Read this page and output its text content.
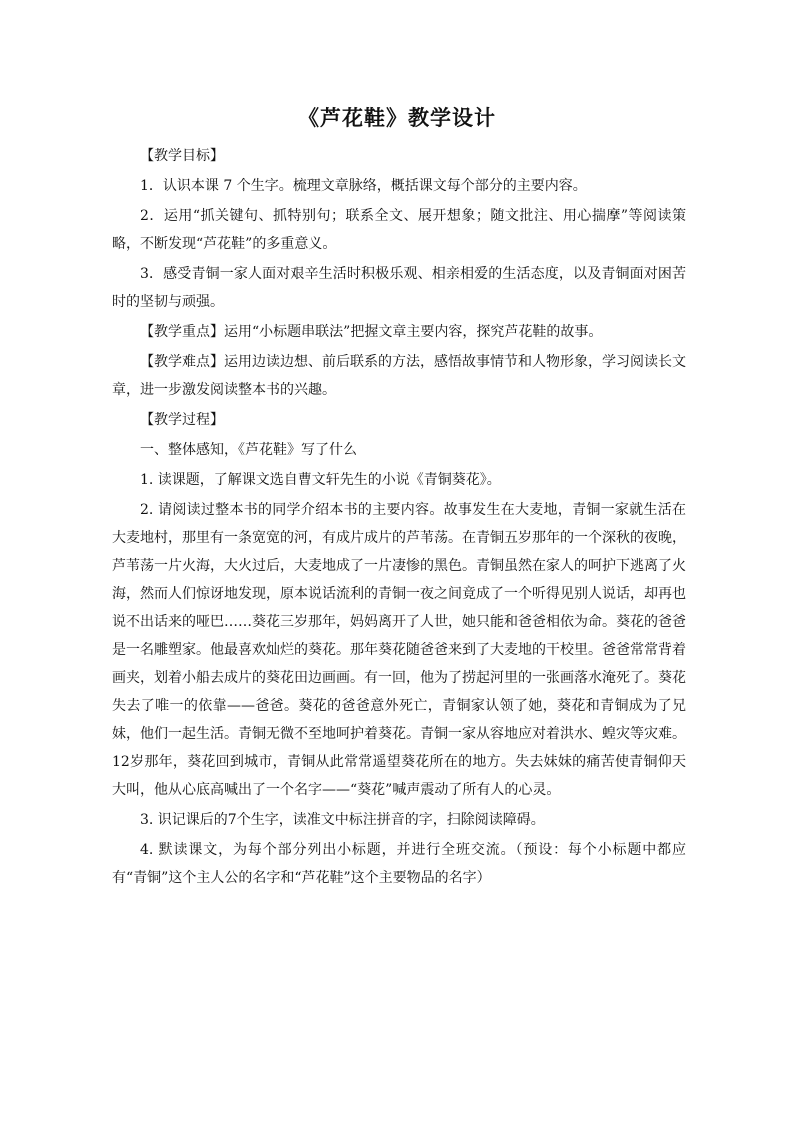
《芦花鞋》教学设计

【教学目标】

1．认识本课 7 个生字。梳理文章脉络，概括课文每个部分的主要内容。

2．运用“抓关键句、抓特别句；联系全文、展开想象；随文批注、用心揣摩”等阅读策略，不断发现“芦花鞋”的多重意义。

3．感受青铜一家人面对艰辛生活时积极乐观、相亲相爱的生活态度，以及青铜面对困苦时的坚韧与顽强。

【教学重点】运用“小标题串联法”把握文章主要内容，探究芦花鞋的故事。

【教学难点】运用边读边想、前后联系的方法，感悟故事情节和人物形象，学习阅读长文章，进一步激发阅读整本书的兴趣。

【教学过程】

一、整体感知，《芦花鞋》写了什么

1. 读课题，了解课文选自曹文轩先生的小说《青铜葵花》。

2. 请阅读过整本书的同学介绍本书的主要内容。故事发生在大麦地，青铜一家就生活在大麦地村，那里有一条宽宽的河，有成片成片的芦苇荡。在青铜五岁那年的一个深秋的夜晚，芦苇荡一片火海，大火过后，大麦地成了一片凄惨的黑色。青铜虽然在家人的呵护下逃离了火海，然而人们惊讶地发现，原本说话流利的青铜一夜之间竟成了一个听得见别人说话，却再也说不出话来的哑巴……葵花三岁那年，妈妈离开了人世，她只能和爸爸相依为命。葵花的爸爸是一名雕塑家。他最喜欢灿烂的葵花。那年葵花随爸爸来到了大麦地的干校里。爸爸常常背着画夹，划着小船去成片的葵花田边画画。有一回，他为了捞起河里的一张画落水淹死了。葵花失去了唯一的依靠——爸爸。葵花的爸爸意外死亡，青铜家认领了她，葵花和青铜成为了兄妹，他们一起生活。青铜无微不至地呵护着葵花。青铜一家从容地应对着洪水、蝗灾等灾难。12岁那年，葵花回到城市，青铜从此常常遥望葵花所在的地方。失去妹妹的痛苦使青铜仰天大叫，他从心底高喊出了一个名字——“葵花”喊声震动了所有人的心灵。

3. 识记课后的7个生字，读准文中标注拼音的字，扫除阅读障碍。

4. 默读课文，为每个部分列出小标题，并进行全班交流。（预设：每个小标题中都应有“青铜”这个主人公的名字和“芦花鞋”这个主要物品的名字）
